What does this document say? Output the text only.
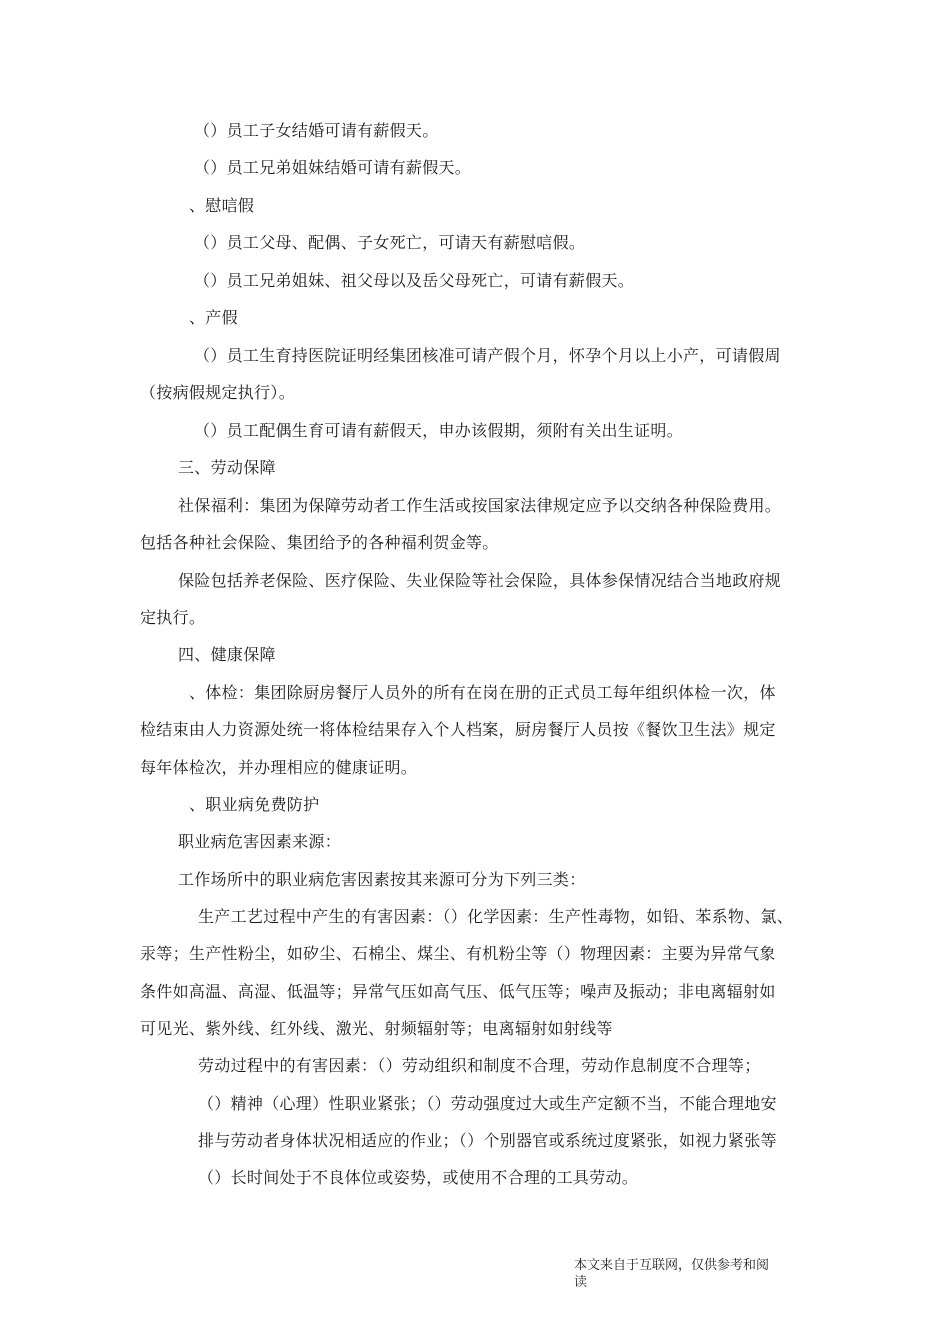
（）员工子女结婚可请有薪假天。
（）员工兄弟姐妹结婚可请有薪假天。
、慰唁假
（）员工父母、配偶、子女死亡，可请天有薪慰唁假。
（）员工兄弟姐妹、祖父母以及岳父母死亡，可请有薪假天。
、产假
（）员工生育持医院证明经集团核准可请产假个月，怀孕个月以上小产，可请假周
（按病假规定执行）。
（）员工配偶生育可请有薪假天，申办该假期，须附有关出生证明。
三、劳动保障
社保福利：集团为保障劳动者工作生活或按国家法律规定应予以交纳各种保险费用。
包括各种社会保险、集团给予的各种福利贺金等。
保险包括养老保险、医疗保险、失业保险等社会保险，具体参保情况结合当地政府规
定执行。
四、健康保障
、体检：集团除厨房餐厅人员外的所有在岗在册的正式员工每年组织体检一次，体
检结束由人力资源处统一将体检结果存入个人档案，厨房餐厅人员按《餐饮卫生法》规定
每年体检次，并办理相应的健康证明。
、职业病免费防护
职业病危害因素来源：
工作场所中的职业病危害因素按其来源可分为下列三类：
生产工艺过程中产生的有害因素：（）化学因素：生产性毒物，如铅、苯系物、氯、
汞等；生产性粉尘，如矽尘、石棉尘、煤尘、有机粉尘等（）物理因素：主要为异常气象
条件如高温、高湿、低温等；异常气压如高气压、低气压等；噪声及振动；非电离辐射如
可见光、紫外线、红外线、激光、射频辐射等；电离辐射如射线等
劳动过程中的有害因素：（）劳动组织和制度不合理，劳动作息制度不合理等；
（）精神（心理）性职业紧张；（）劳动强度过大或生产定额不当，不能合理地安
排与劳动者身体状况相适应的作业；（）个别器官或系统过度紧张，如视力紧张等
（）长时间处于不良体位或姿势，或使用不合理的工具劳动。
本文来自于互联网，仅供参考和阅
读
